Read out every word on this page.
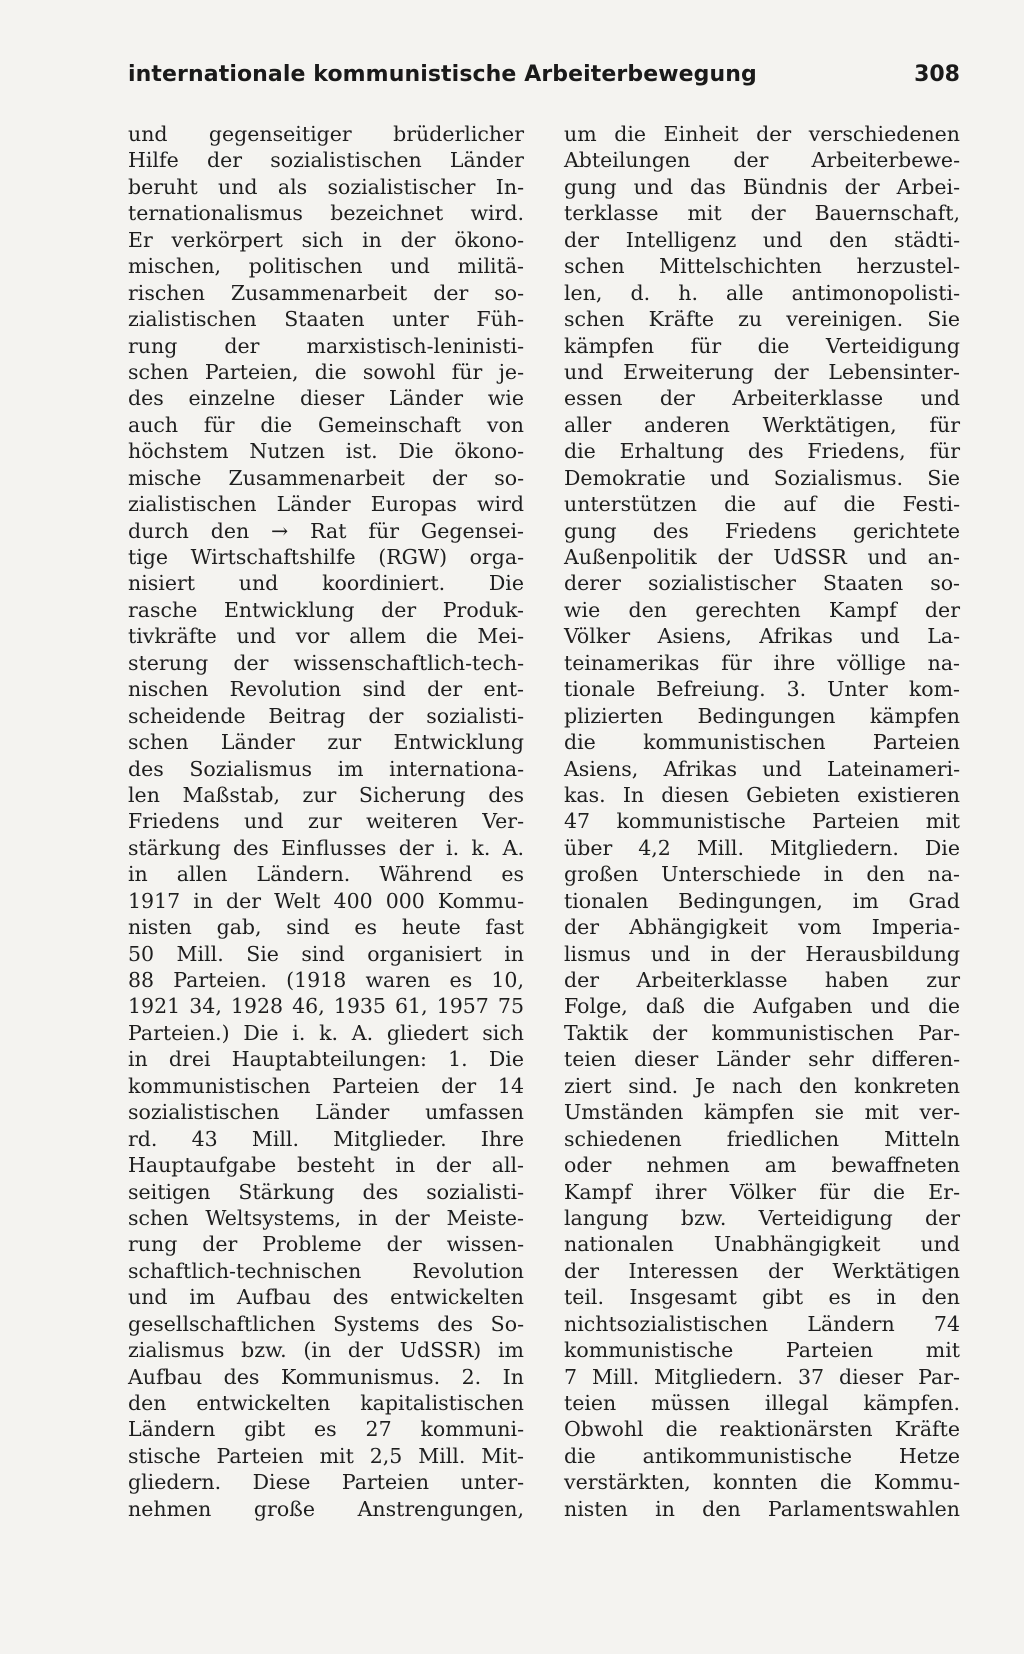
internationale kommunistische Arbeiterbewegung	308
und gegenseitiger brüderlicher
Hilfe der sozialistischen Länder
beruht und als sozialistischer In-
ternationalismus bezeichnet wird.
Er verkörpert sich in der ökono-
mischen, politischen und militä-
rischen Zusammenarbeit der so-
zialistischen Staaten unter Füh-
rung der marxistisch-leninisti-
schen Parteien, die sowohl für je-
des einzelne dieser Länder wie
auch für die Gemeinschaft von
höchstem Nutzen ist. Die ökono-
mische Zusammenarbeit der so-
zialistischen Länder Europas wird
durch den → Rat für Gegensei-
tige Wirtschaftshilfe (RGW) orga-
nisiert und koordiniert. Die
rasche Entwicklung der Produk-
tivkräfte und vor allem die Mei-
sterung der wissenschaftlich-tech-
nischen Revolution sind der ent-
scheidende Beitrag der sozialisti-
schen Länder zur Entwicklung
des Sozialismus im internationa-
len Maßstab, zur Sicherung des
Friedens und zur weiteren Ver-
stärkung des Einflusses der i. k. A.
in allen Ländern. Während es
1917 in der Welt 400 000 Kommu-
nisten gab, sind es heute fast
50 Mill. Sie sind organisiert in
88 Parteien. (1918 waren es 10,
1921 34, 1928 46, 1935 61, 1957 75
Parteien.) Die i. k. A. gliedert sich
in drei Hauptabteilungen: 1. Die
kommunistischen Parteien der 14
sozialistischen Länder umfassen
rd. 43 Mill. Mitglieder. Ihre
Hauptaufgabe besteht in der all-
seitigen Stärkung des sozialisti-
schen Weltsystems, in der Meiste-
rung der Probleme der wissen-
schaftlich-technischen Revolution
und im Aufbau des entwickelten
gesellschaftlichen Systems des So-
zialismus bzw. (in der UdSSR) im
Aufbau des Kommunismus. 2. In
den entwickelten kapitalistischen
Ländern gibt es 27 kommuni-
stische Parteien mit 2,5 Mill. Mit-
gliedern. Diese Parteien unter-
nehmen große Anstrengungen,
um die Einheit der verschiedenen
Abteilungen der Arbeiterbewe-
gung und das Bündnis der Arbei-
terklasse mit der Bauernschaft,
der Intelligenz und den städti-
schen Mittelschichten herzustel-
len, d. h. alle antimonopolisti-
schen Kräfte zu vereinigen. Sie
kämpfen für die Verteidigung
und Erweiterung der Lebensinter-
essen der Arbeiterklasse und
aller anderen Werktätigen, für
die Erhaltung des Friedens, für
Demokratie und Sozialismus. Sie
unterstützen die auf die Festi-
gung des Friedens gerichtete
Außenpolitik der UdSSR und an-
derer sozialistischer Staaten so-
wie den gerechten Kampf der
Völker Asiens, Afrikas und La-
teinamerikas für ihre völlige na-
tionale Befreiung. 3. Unter kom-
plizierten Bedingungen kämpfen
die kommunistischen Parteien
Asiens, Afrikas und Lateinameri-
kas. In diesen Gebieten existieren
47 kommunistische Parteien mit
über 4,2 Mill. Mitgliedern. Die
großen Unterschiede in den na-
tionalen Bedingungen, im Grad
der Abhängigkeit vom Imperia-
lismus und in der Herausbildung
der Arbeiterklasse haben zur
Folge, daß die Aufgaben und die
Taktik der kommunistischen Par-
teien dieser Länder sehr differen-
ziert sind. Je nach den konkreten
Umständen kämpfen sie mit ver-
schiedenen friedlichen Mitteln
oder nehmen am bewaffneten
Kampf ihrer Völker für die Er-
langung bzw. Verteidigung der
nationalen Unabhängigkeit und
der Interessen der Werktätigen
teil. Insgesamt gibt es in den
nichtsozialistischen Ländern 74
kommunistische Parteien mit
7 Mill. Mitgliedern. 37 dieser Par-
teien müssen illegal kämpfen.
Obwohl die reaktionärsten Kräfte
die antikommunistische Hetze
verstärkten, konnten die Kommu-
nisten in den Parlamentswahlen
